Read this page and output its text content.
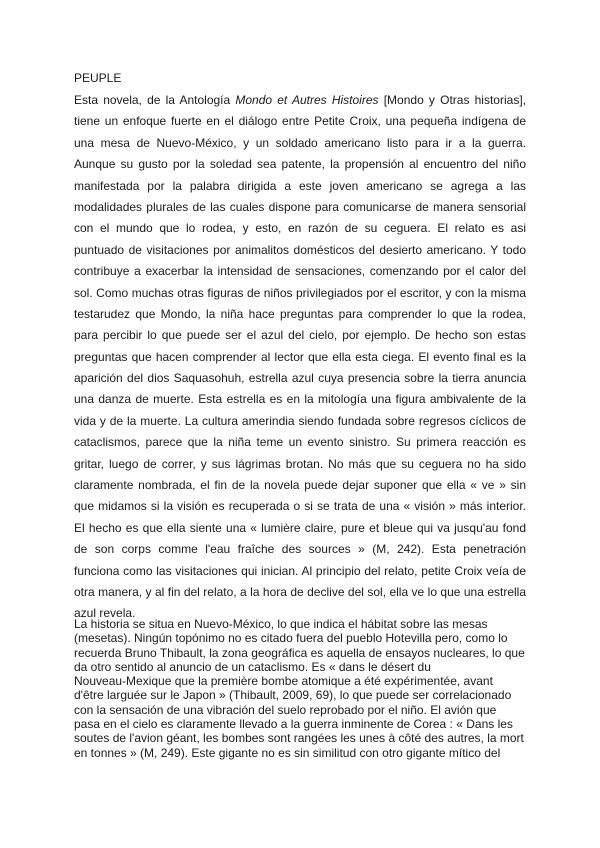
PEUPLE
Esta novela, de la Antología Mondo et Autres Histoires [Mondo y Otras historias],
tiene un enfoque fuerte en el diálogo entre Petite Croix, una pequeña indígena de
una mesa de Nuevo-México, y un soldado americano listo para ir a la guerra.
Aunque su gusto por la soledad sea patente, la propensión al encuentro del niño
manifestada por la palabra dirigida a este joven americano se agrega a las
modalidades plurales de las cuales dispone para comunicarse de manera sensorial
con el mundo que lo rodea, y esto, en razón de su ceguera. El relato es asi
puntuado de visitaciones por animalitos domésticos del desierto americano. Y todo
contribuye a exacerbar la intensidad de sensaciones, comenzando por el calor del
sol. Como muchas otras figuras de niños privilegiados por el escritor, y con la misma
testarudez que Mondo, la niña hace preguntas para comprender lo que la rodea,
para percibir lo que puede ser el azul del cielo, por ejemplo. De hecho son estas
preguntas que hacen comprender al lector que ella esta ciega. El evento final es la
aparición del dios Saquasohuh, estrella azul cuya presencia sobre la tierra anuncia
una danza de muerte. Esta estrella es en la mitología una figura ambivalente de la
vida y de la muerte. La cultura amerindia siendo fundada sobre regresos cíclicos de
cataclismos, parece que la niña teme un evento sinistro. Su primera reacción es
gritar, luego de correr, y sus lágrimas brotan. No más que su ceguera no ha sido
claramente nombrada, el fin de la novela puede dejar suponer que ella « ve » sin
que midamos si la visión es recuperada o si se trata de una « visión » más interior.
El hecho es que ella siente una « lumière claire, pure et bleue qui va jusqu'au fond
de son corps comme l'eau fraîche des sources » (M, 242). Esta penetración
funciona como las visitaciones qui inician. Al principio del relato, petite Croix veía de
otra manera, y al fin del relato, a la hora de declive del sol, ella ve lo que una estrella
azul revela.
La historia se situa en Nuevo-México, lo que indica el hábitat sobre las mesas
(mesetas). Ningún topónimo no es citado fuera del pueblo Hotevilla pero, como lo
recuerda Bruno Thibault, la zona geográfica es aquella de ensayos nucleares, lo que
da otro sentido al anuncio de un cataclismo. Es « dans le désert du
Nouveau-Mexique que la première bombe atomique a été expérimentée, avant
d'être larguée sur le Japon » (Thibault, 2009, 69), lo que puede ser correlacionado
con la sensación de una vibración del suelo reprobado por el niño. El avión que
pasa en el cielo es claramente llevado a la guerra inminente de Corea : « Dans les
soutes de l'avion géant, les bombes sont rangées les unes à côté des autres, la mort
en tonnes » (M, 249). Este gigante no es sin similitud con otro gigante mítico del
